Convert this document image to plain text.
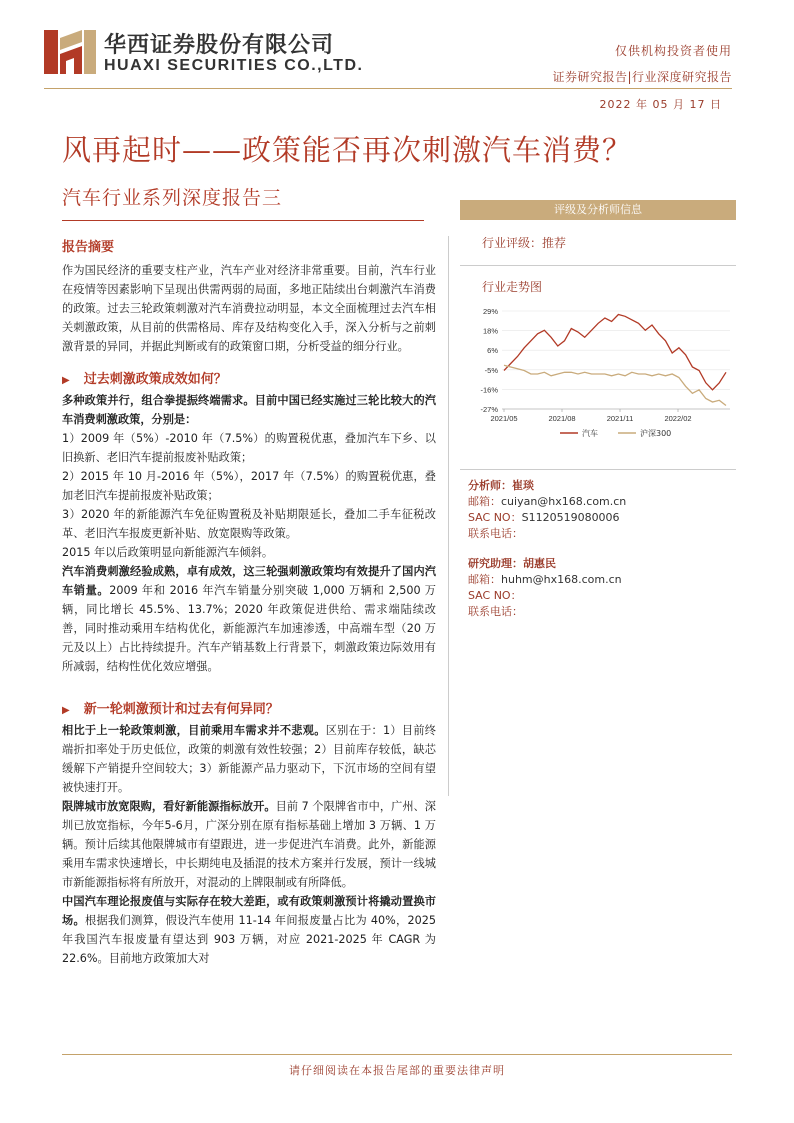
华西证券股份有限公司
HUAXI SECURITIES CO.,LTD.
仅供机构投资者使用
证券研究报告|行业深度研究报告
2022 年 05 月 17 日
风再起时——政策能否再次刺激汽车消费？
汽车行业系列深度报告三
报告摘要

作为国民经济的重要支柱产业，汽车产业对经济非常重要。目前，汽车行业在疫情等因素影响下呈现出供需两弱的局面，多地正陆续出台刺激汽车消费的政策。过去三轮政策刺激对汽车消费拉动明显，本文全面梳理过去汽车相关刺激政策，从目前的供需格局、库存及结构变化入手，深入分析与之前刺激背景的异同，并据此判断或有的政策窗口期，分析受益的细分行业。

▶ 过去刺激政策成效如何？

多种政策并行，组合拳提振终端需求。目前中国已经实施过三轮比较大的汽车消费刺激政策，分别是：

1）2009 年（5%）-2010 年（7.5%）的购置税优惠，叠加汽车下乡、以旧换新、老旧汽车提前报废补贴政策；

2）2015 年 10 月-2016 年（5%），2017 年（7.5%）的购置税优惠，叠加老旧汽车提前报废补贴政策；

3）2020 年的新能源汽车免征购置税及补贴期限延长，叠加二手车征税改革、老旧汽车报废更新补贴、放宽限购等政策。

2015 年以后政策明显向新能源汽车倾斜。

汽车消费刺激经验成熟，卓有成效，这三轮强刺激政策均有效提升了国内汽车销量。2009 年和 2016 年汽车销量分别突破 1,000 万辆和 2,500 万辆，同比增长 45.5%、13.7%；2020 年政策促进供给、需求端陆续改善，同时推动乘用车结构优化，新能源汽车加速渗透，中高端车型（20 万元及以上）占比持续提升。汽车产销基数上行背景下，刺激政策边际效用有所减弱，结构性优化效应增强。

▶ 新一轮刺激预计和过去有何异同？

相比于上一轮政策刺激，目前乘用车需求并不悲观。区别在于：1）目前终端折扣率处于历史低位，政策的刺激有效性较强；2）目前库存较低，缺芯缓解下产销提升空间较大；3）新能源产品力驱动下，下沉市场的空间有望被快速打开。

限牌城市放宽限购，看好新能源指标放开。目前 7 个限牌省市中，广州、深圳已放宽指标，今年5-6月，广深分别在原有指标基础上增加 3 万辆、1 万辆。预计后续其他限牌城市有望跟进，进一步促进汽车消费。此外，新能源乘用车需求快速增长，中长期纯电及插混的技术方案并行发展，预计一线城市新能源指标将有所放开，对混动的上牌限制或有所降低。

中国汽车理论报废值与实际存在较大差距，或有政策刺激预计将撬动置换市场。根据我们测算，假设汽车使用 11-14 年间报废量占比为 40%，2025 年我国汽车报废量有望达到 903 万辆，对应 2021-2025 年 CAGR 为 22.6%。目前地方政策加大对

评级及分析师信息
行业评级：推荐
行业走势图
29%
18%
6%
-5%
-16%
-27%
2021/05	2021/08	2021/11	2022/02
汽车	沪深300
分析师：崔琰
邮箱：cuiyan@hx168.com.cn
SAC NO：S1120519080006
联系电话：
研究助理：胡惠民
邮箱：huhm@hx168.com.cn
SAC NO：
联系电话：
请仔细阅读在本报告尾部的重要法律声明
